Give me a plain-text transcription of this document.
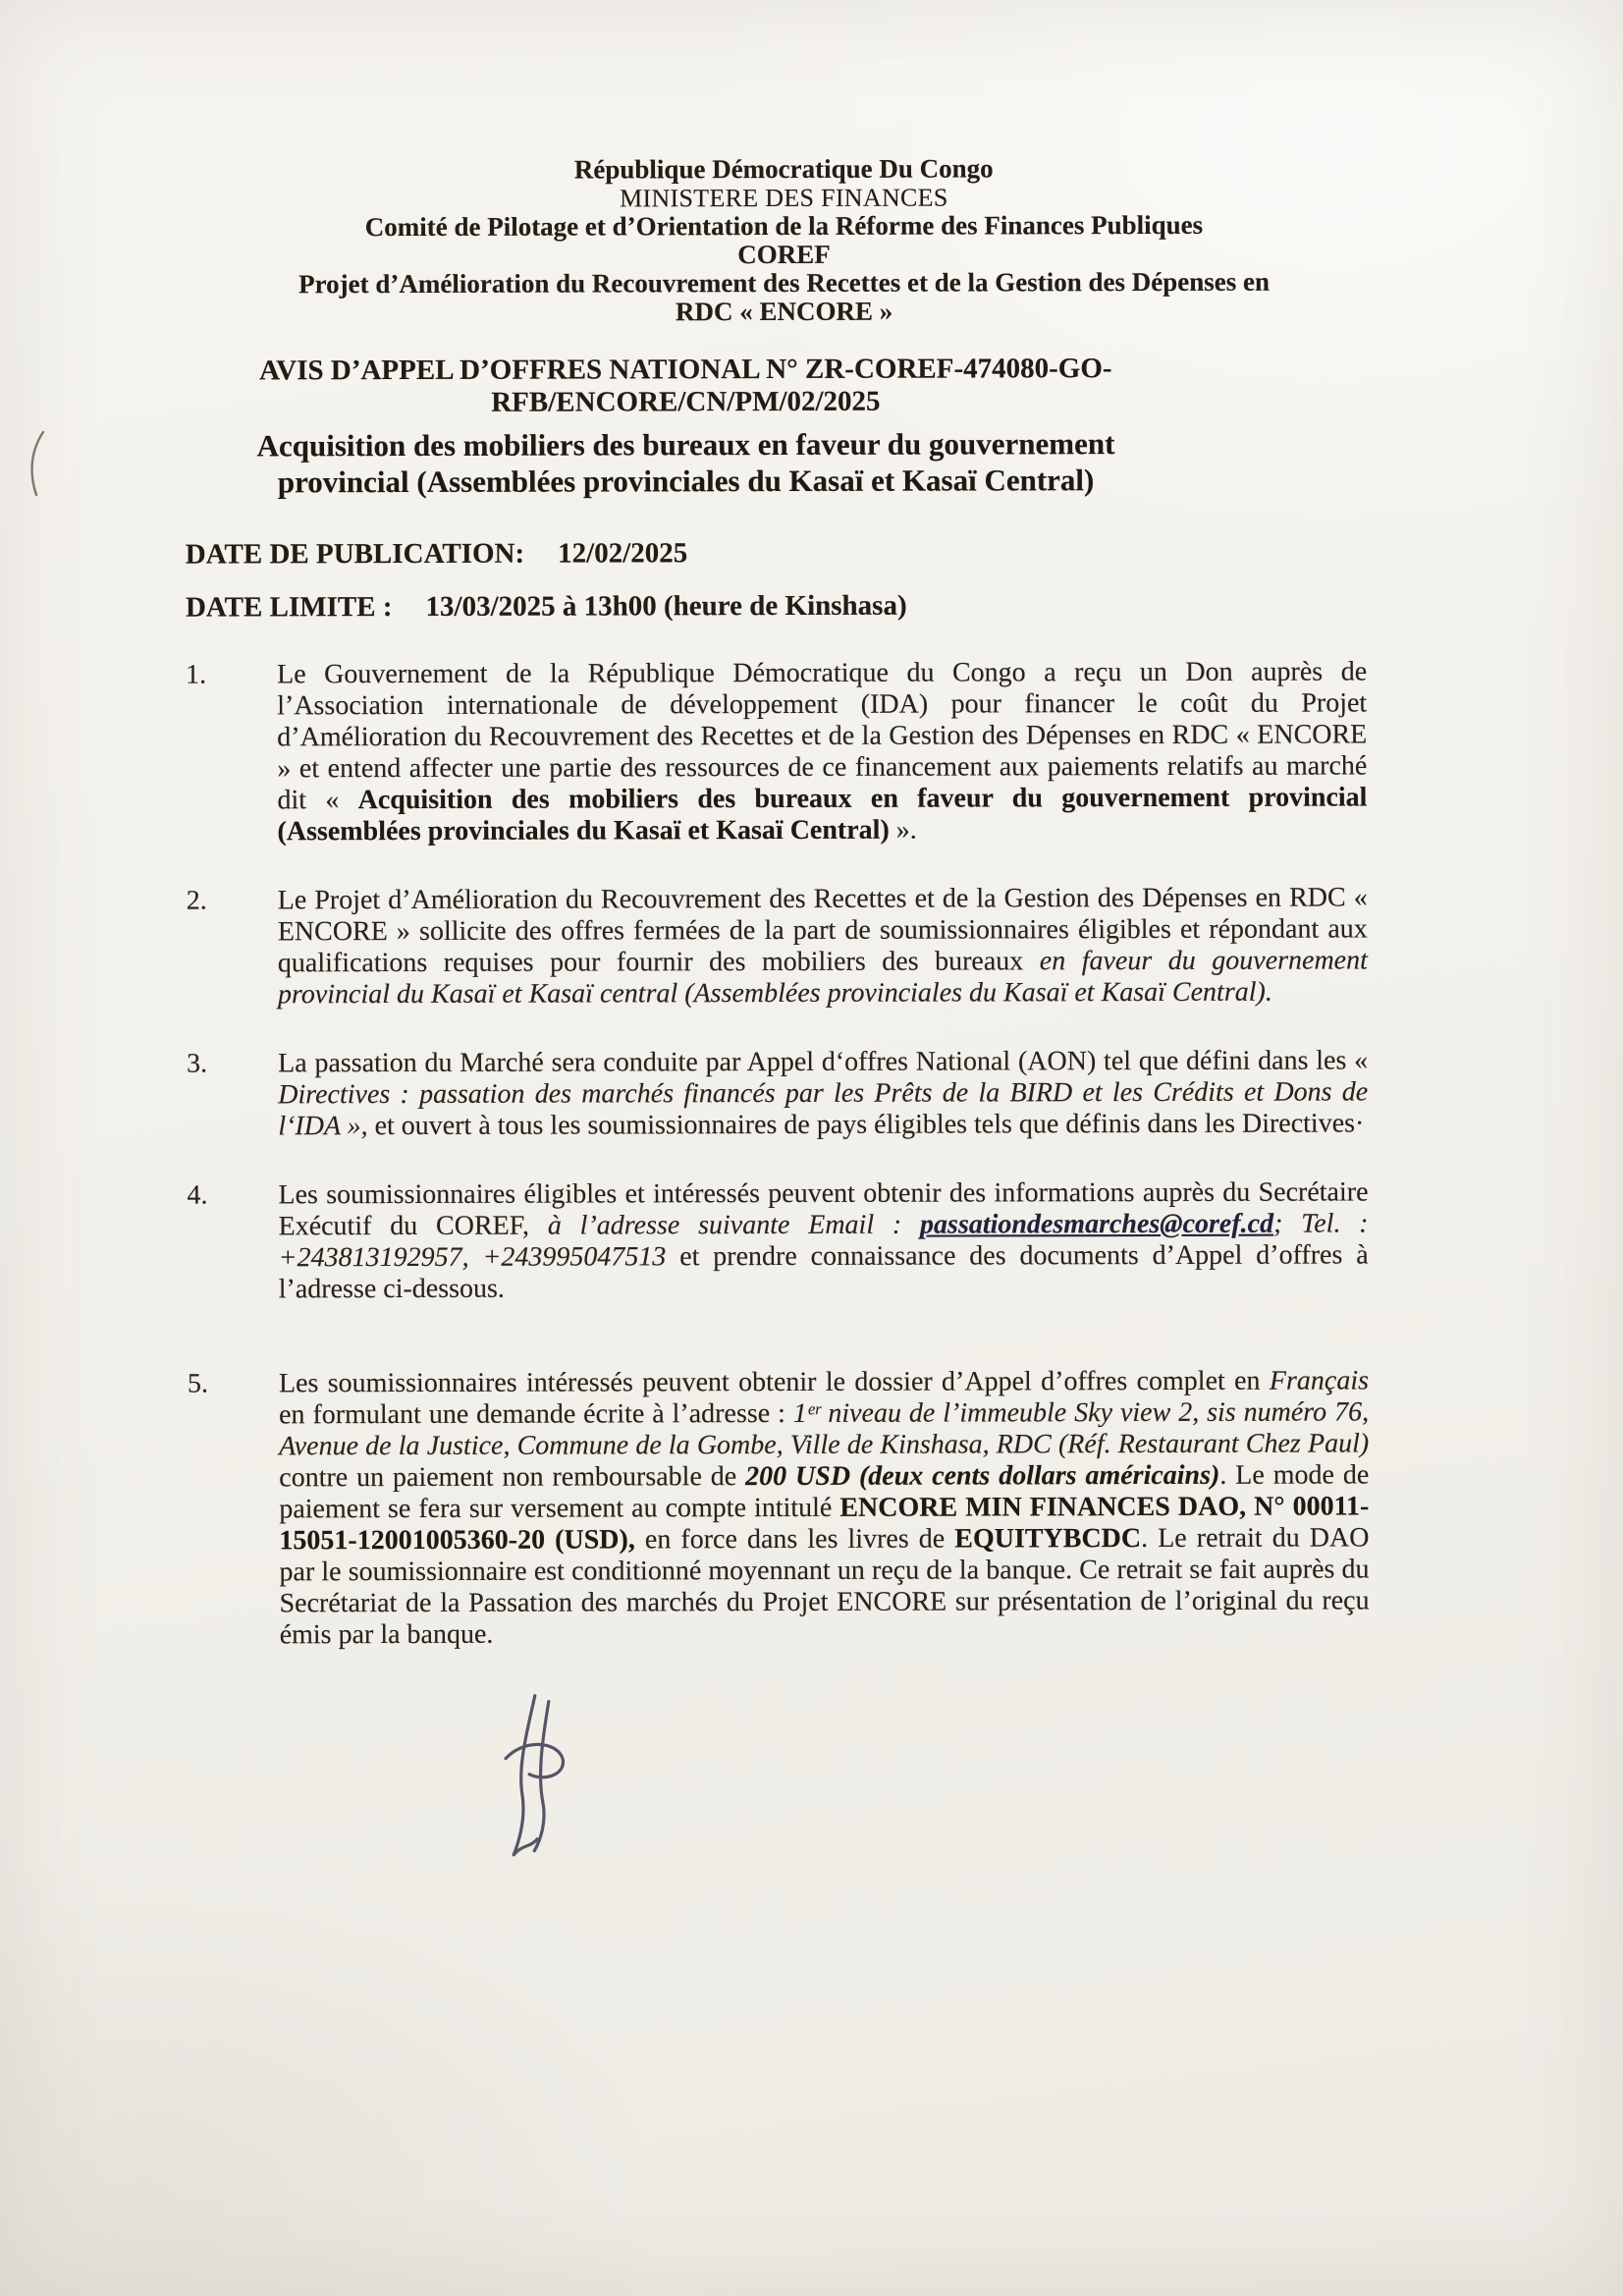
République Démocratique Du Congo
MINISTERE DES FINANCES
Comité de Pilotage et d’Orientation de la Réforme des Finances Publiques
COREF
Projet d’Amélioration du Recouvrement des Recettes et de la Gestion des Dépenses en
RDC « ENCORE »
AVIS D’APPEL D’OFFRES NATIONAL N° ZR-COREF-474080-GO-
RFB/ENCORE/CN/PM/02/2025
Acquisition des mobiliers des bureaux en faveur du gouvernement
provincial (Assemblées provinciales du Kasaï et Kasaï Central)
DATE DE PUBLICATION: 12/02/2025
DATE LIMITE : 13/03/2025 à 13h00 (heure de Kinshasa)
1.	Le Gouvernement de la République Démocratique du Congo a reçu un Don auprès de l’Association internationale de développement (IDA) pour financer le coût du Projet d’Amélioration du Recouvrement des Recettes et de la Gestion des Dépenses en RDC « ENCORE » et entend affecter une partie des ressources de ce financement aux paiements relatifs au marché dit « Acquisition des mobiliers des bureaux en faveur du gouvernement provincial (Assemblées provinciales du Kasaï et Kasaï Central) ».

2.	Le Projet d’Amélioration du Recouvrement des Recettes et de la Gestion des Dépenses en RDC « ENCORE » sollicite des offres fermées de la part de soumissionnaires éligibles et répondant aux qualifications requises pour fournir des mobiliers des bureaux en faveur du gouvernement provincial du Kasaï et Kasaï central (Assemblées provinciales du Kasaï et Kasaï Central).

3.	La passation du Marché sera conduite par Appel d‘offres National (AON) tel que défini dans les « Directives : passation des marchés financés par les Prêts de la BIRD et les Crédits et Dons de l‘IDA », et ouvert à tous les soumissionnaires de pays éligibles tels que définis dans les Directives·

4.	Les soumissionnaires éligibles et intéressés peuvent obtenir des informations auprès du Secrétaire Exécutif du COREF, à l’adresse suivante Email : passationdesmarches@coref.cd; Tel. : +243813192957, +243995047513 et prendre connaissance des documents d’Appel d’offres à l’adresse ci-dessous.

5.	Les soumissionnaires intéressés peuvent obtenir le dossier d’Appel d’offres complet en Français en formulant une demande écrite à l’adresse : 1ᵉʳ niveau de l’immeuble Sky view 2, sis numéro 76, Avenue de la Justice, Commune de la Gombe, Ville de Kinshasa, RDC (Réf. Restaurant Chez Paul) contre un paiement non remboursable de 200 USD (deux cents dollars américains). Le mode de paiement se fera sur versement au compte intitulé ENCORE MIN FINANCES DAO, N° 00011-15051-12001005360-20 (USD), en force dans les livres de EQUITYBCDC. Le retrait du DAO par le soumissionnaire est conditionné moyennant un reçu de la banque. Ce retrait se fait auprès du Secrétariat de la Passation des marchés du Projet ENCORE sur présentation de l’original du reçu émis par la banque.
